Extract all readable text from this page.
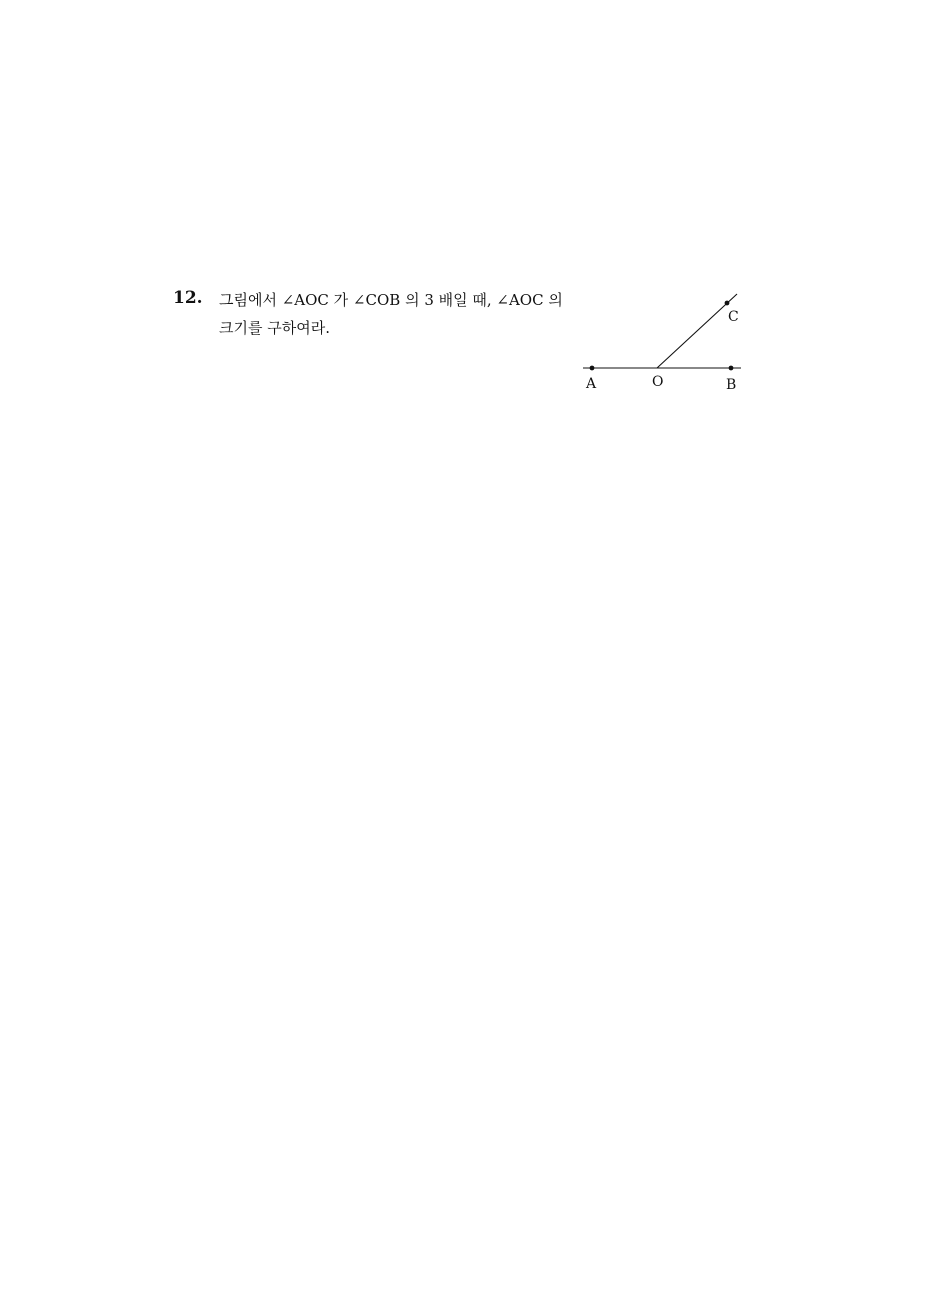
12. 그림에서 ∠AOC 가 ∠COB 의 3 배일 때, ∠AOC 의
크기를 구하여라.
A	O	B
C
